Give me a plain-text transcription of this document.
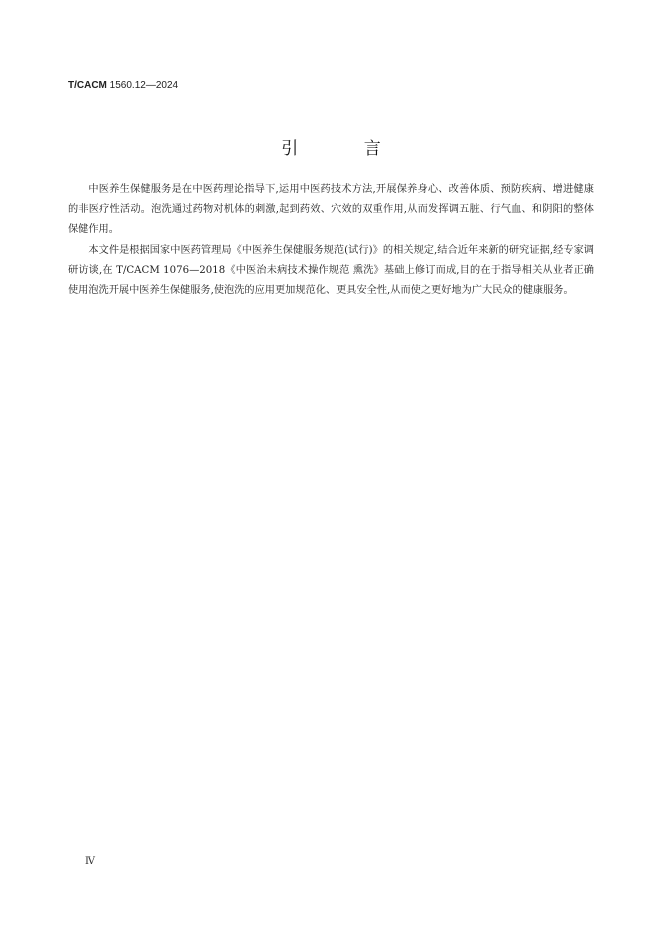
T/CACM 1560.12—2024
引 言

中医养生保健服务是在中医药理论指导下,运用中医药技术方法,开展保养身心、改善体质、预防疾病、增进健康的非医疗性活动。泡洗通过药物对机体的刺激,起到药效、穴效的双重作用,从而发挥调五脏、行气血、和阴阳的整体保健作用。

本文件是根据国家中医药管理局《中医养生保健服务规范(试行)》的相关规定,结合近年来新的研究证据,经专家调研访谈,在 T/CACM 1076—2018《中医治未病技术操作规范 熏洗》基础上修订而成,目的在于指导相关从业者正确使用泡洗开展中医养生保健服务,使泡洗的应用更加规范化、更具安全性,从而使之更好地为广大民众的健康服务。

Ⅳ
